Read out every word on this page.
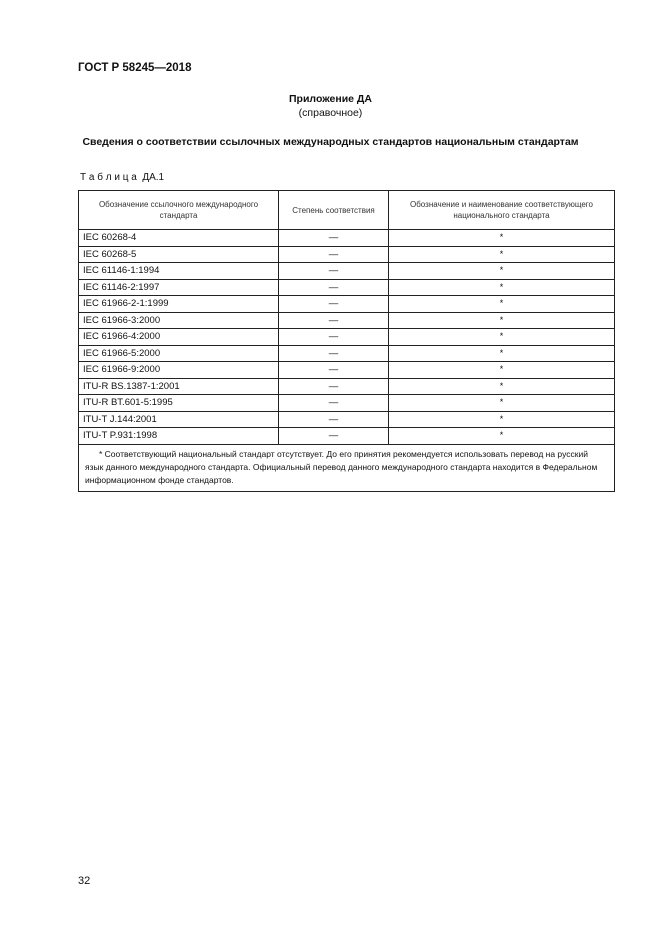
ГОСТ Р 58245—2018
Приложение ДА
(справочное)
Сведения о соответствии ссылочных международных стандартов национальным стандартам
Т а б л и ц а  ДА.1
Обозначение ссылочного международного стандарта	Степень соответствия	Обозначение и наименование соответствующего национального стандарта
IEC 60268-4	—	*
IEC 60268-5	—	*
IEC 61146-1:1994	—	*
IEC 61146-2:1997	—	*
IEC 61966-2-1:1999	—	*
IEC 61966-3:2000	—	*
IEC 61966-4:2000	—	*
IEC 61966-5:2000	—	*
IEC 61966-9:2000	—	*
ITU-R BS.1387-1:2001	—	*
ITU-R BT.601-5:1995	—	*
ITU-T J.144:2001	—	*
ITU-T P.931:1998	—	*
* Соответствующий национальный стандарт отсутствует. До его принятия рекомендуется использовать перевод на русский язык данного международного стандарта. Официальный перевод данного международного стандарта находится в Федеральном информационном фонде стандартов.		
32
